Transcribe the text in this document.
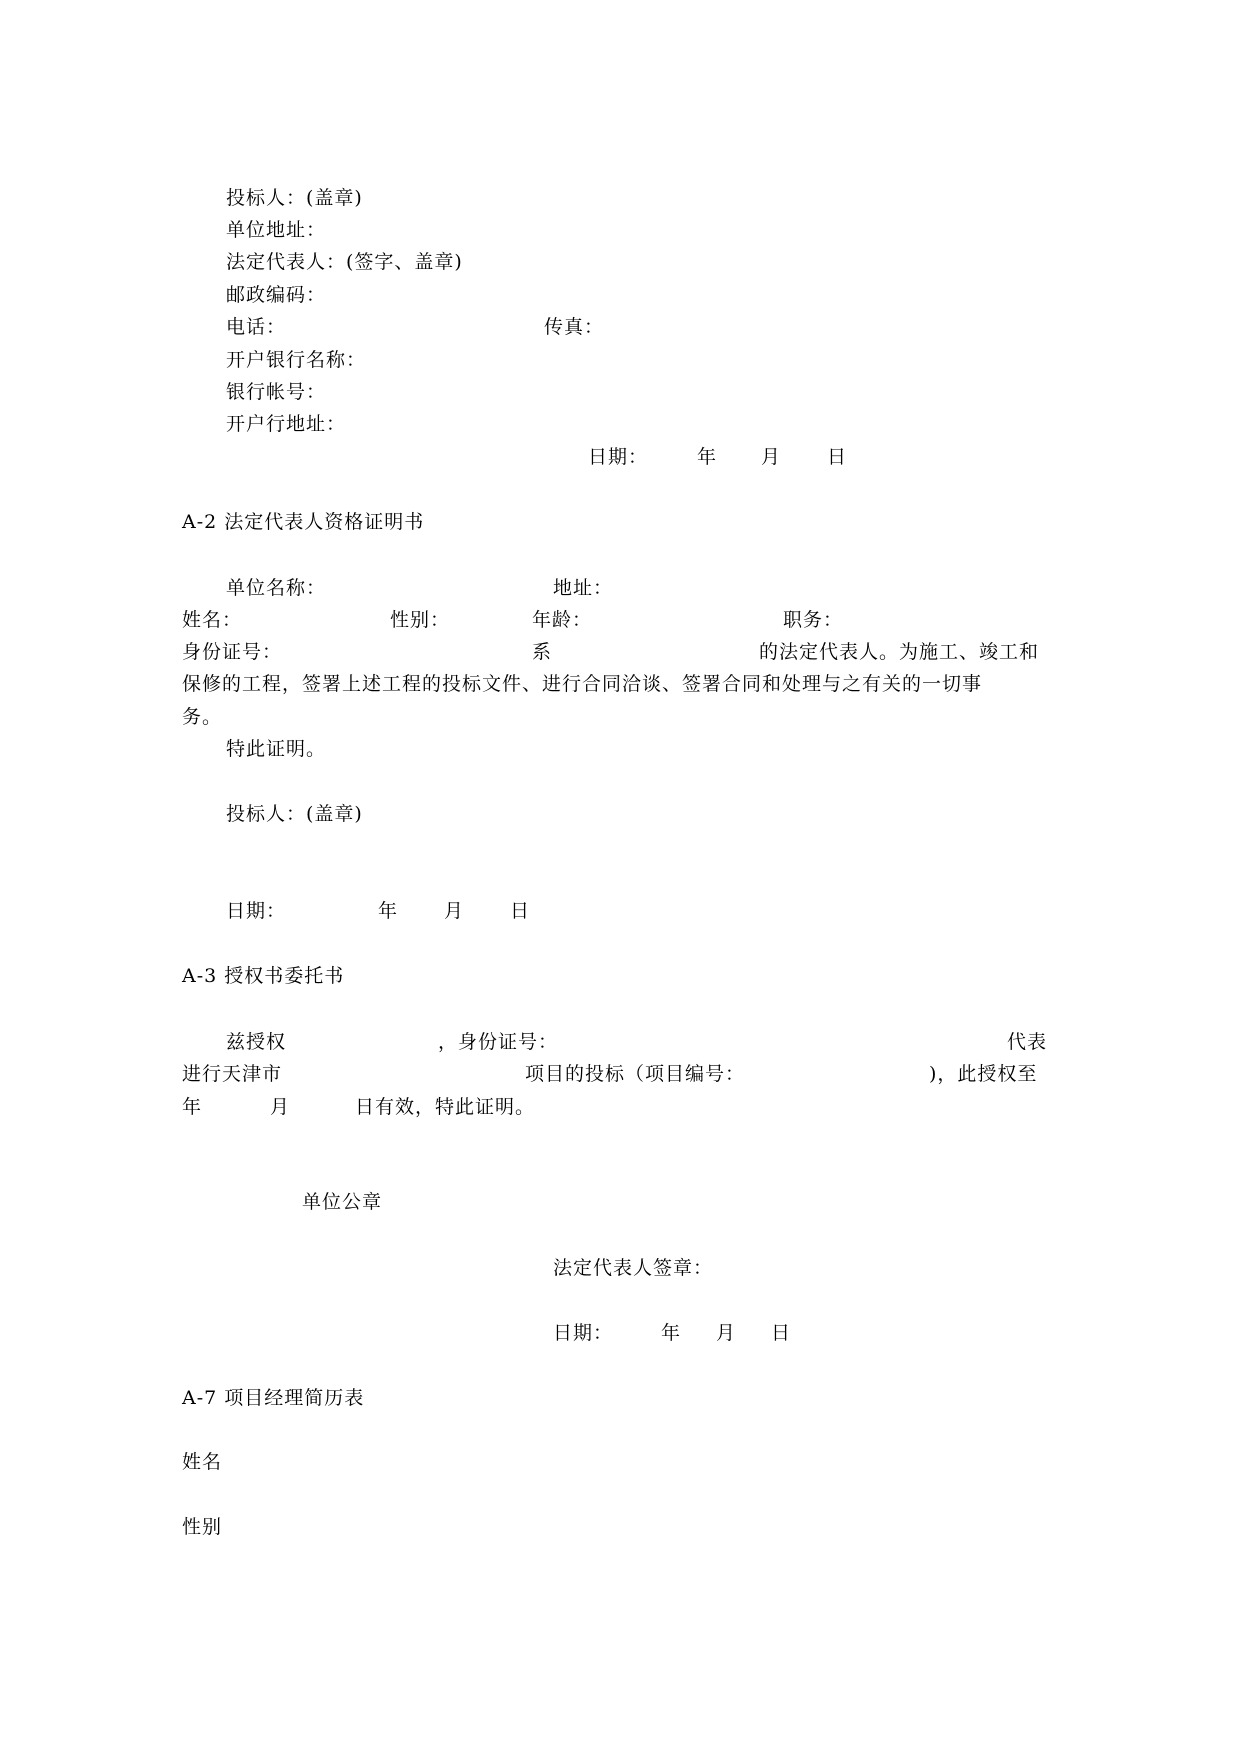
投标人：(盖章)
单位地址：
法定代表人：(签字、盖章)
邮政编码：
电话：	传真：
开户银行名称：
银行帐号：
开户行地址：
日期：	年 月 日
A-2 法定代表人资格证明书
单位名称：	地址：
姓名：	性别：	年龄：	职务：
身份证号：	系	的法定代表人。为施工、竣工和
保修的工程，签署上述工程的投标文件、进行合同洽谈、签署合同和处理与之有关的一切事
务。
特此证明。
投标人：(盖章)
日期：	年 月 日
A-3 授权书委托书
兹授权	，身份证号：	代表
进行天津市	项目的投标（项目编号：	)，此授权至
年	月	日有效，特此证明。
单位公章
法定代表人签章：
日期：	年 月 日
A-7 项目经理简历表
姓名
性别
